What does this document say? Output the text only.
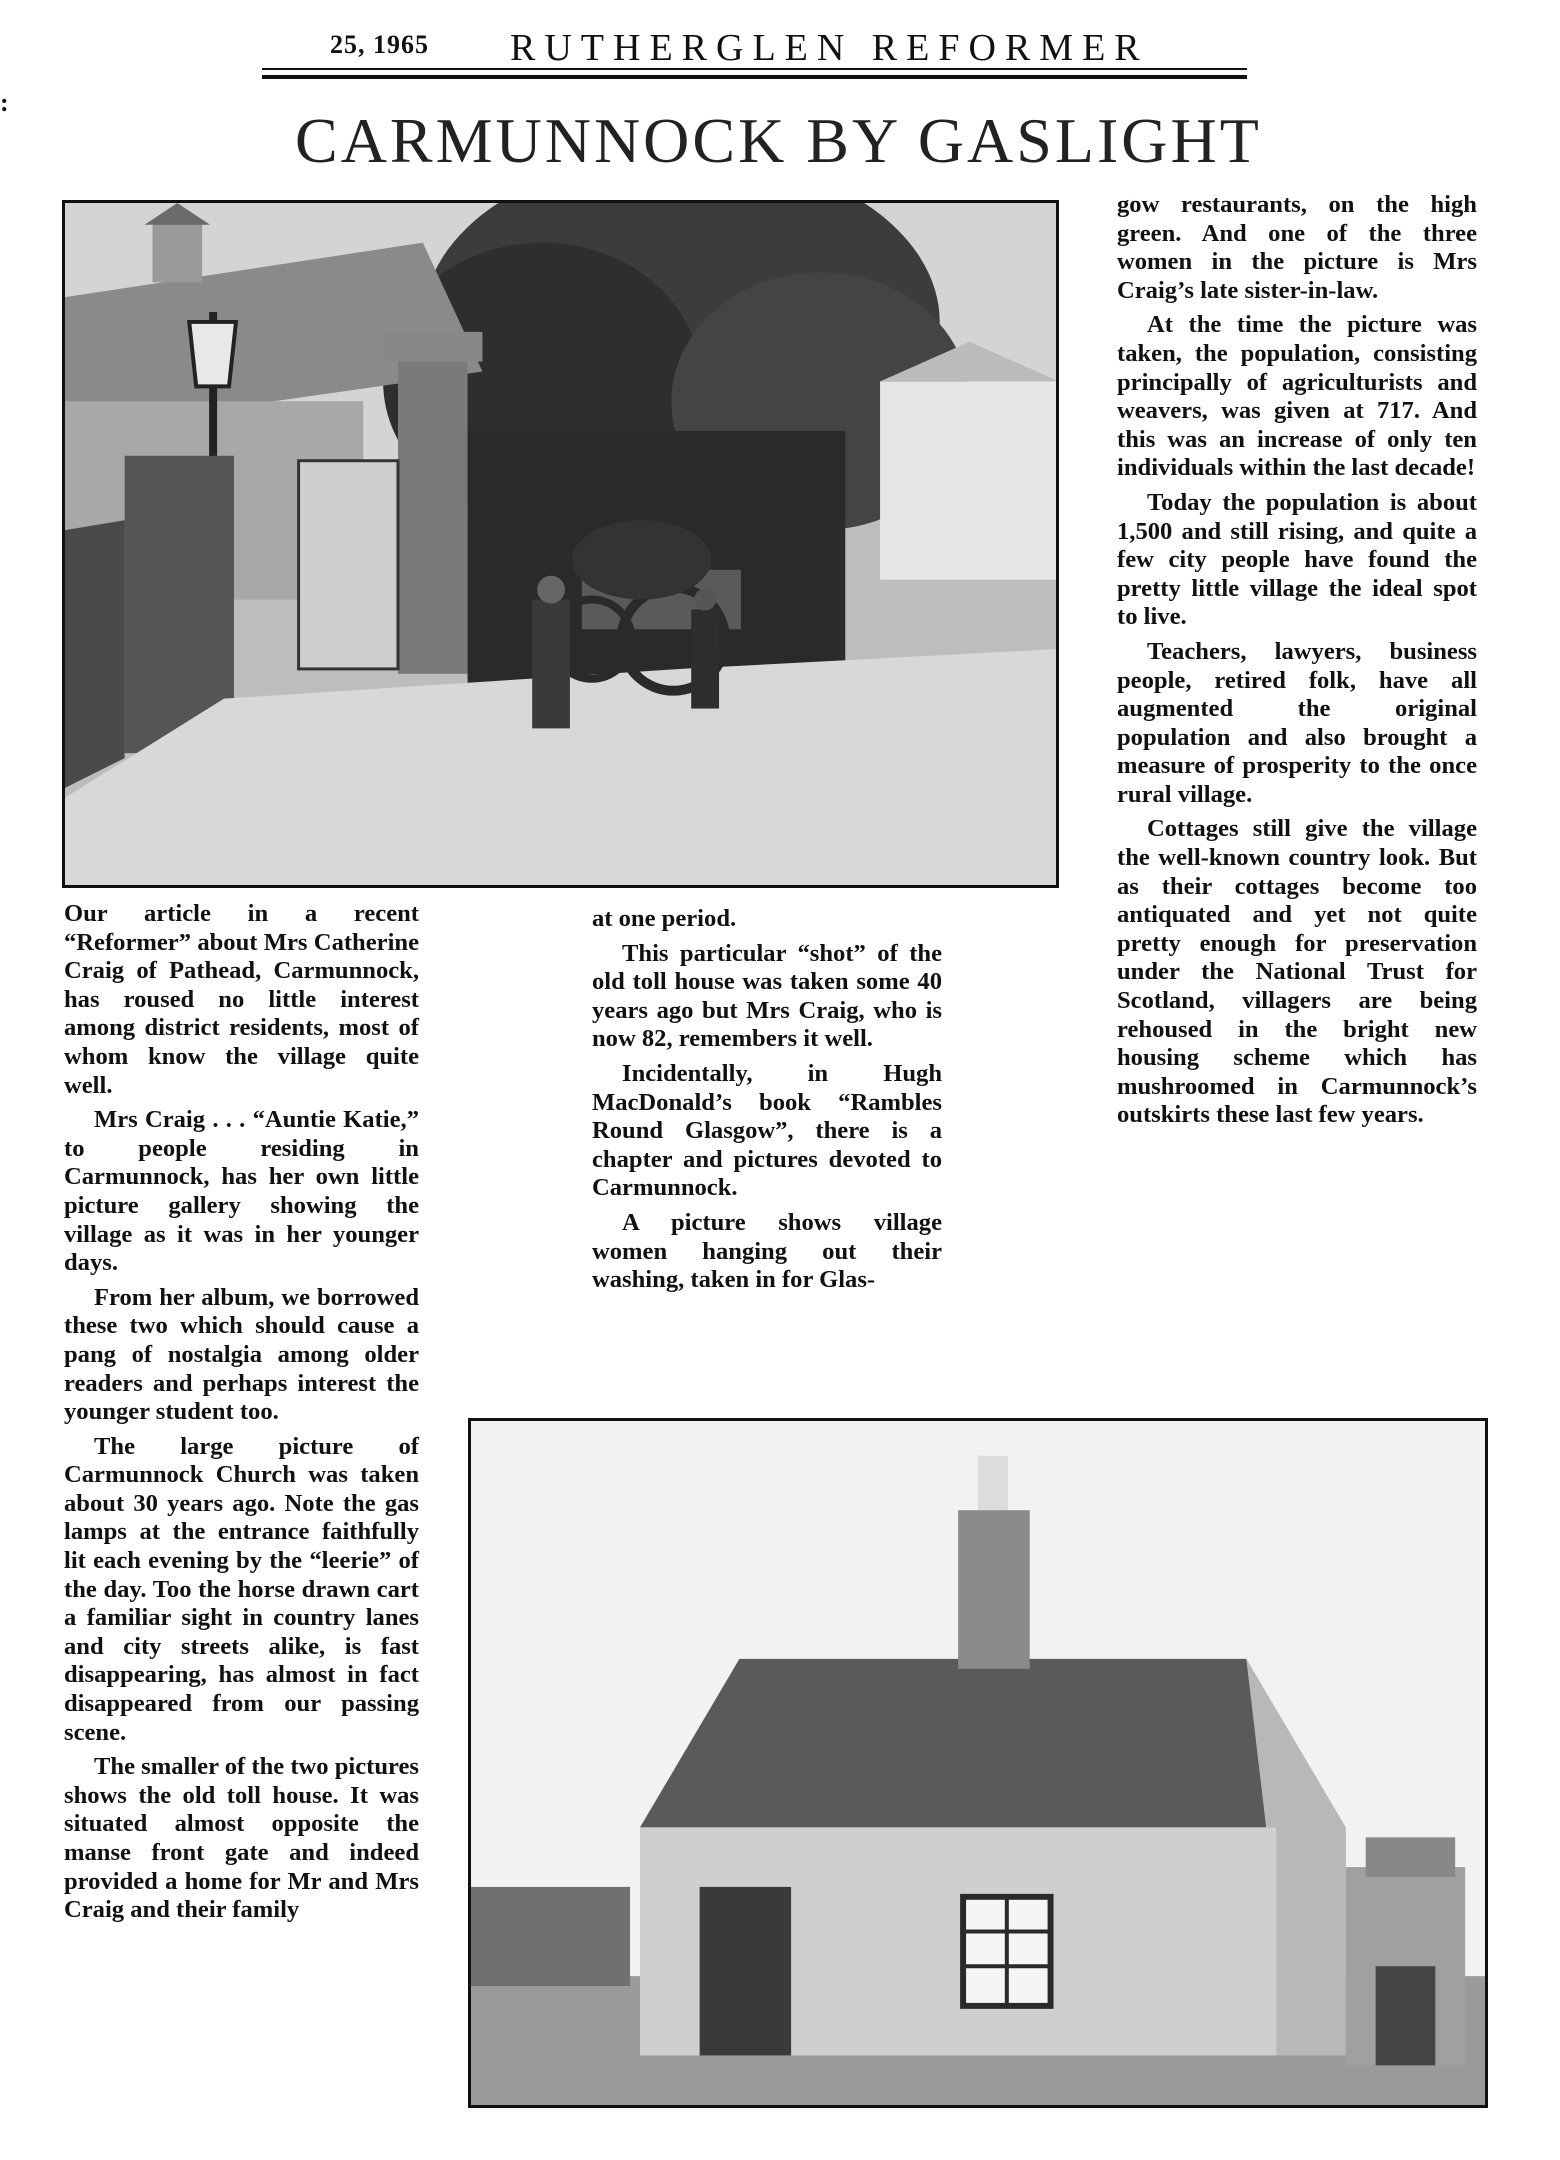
:
25, 1965 RUTHERGLEN REFORMER
CARMUNNOCK BY GASLIGHT

Our article in a recent “Reformer” about Mrs Catherine Craig of Pathead, Carmunnock, has roused no little interest among district residents, most of whom know the village quite well.

Mrs Craig . . . “Auntie Katie,” to people residing in Carmunnock, has her own little picture gallery showing the village as it was in her younger days.

From her album, we borrowed these two which should cause a pang of nostalgia among older readers and perhaps interest the younger student too.

The large picture of Carmunnock Church was taken about 30 years ago. Note the gas lamps at the entrance faithfully lit each evening by the “leerie” of the day. Too the horse drawn cart a familiar sight in country lanes and city streets alike, is fast disappearing, has almost in fact disappeared from our passing scene.

The smaller of the two pictures shows the old toll house. It was situated almost opposite the manse front gate and indeed provided a home for Mr and Mrs Craig and their family

at one period.

This particular “shot” of the old toll house was taken some 40 years ago but Mrs Craig, who is now 82, remembers it well.

Incidentally, in Hugh MacDonald’s book “Rambles Round Glasgow”, there is a chapter and pictures devoted to Carmunnock.

A picture shows village women hanging out their washing, taken in for Glas-

gow restaurants, on the high green. And one of the three women in the picture is Mrs Craig’s late sister-in-law.

At the time the picture was taken, the population, consisting principally of agriculturists and weavers, was given at 717. And this was an increase of only ten individuals within the last decade!

Today the population is about 1,500 and still rising, and quite a few city people have found the pretty little village the ideal spot to live.

Teachers, lawyers, business people, retired folk, have all augmented the original population and also brought a measure of prosperity to the once rural village.

Cottages still give the village the well-known country look. But as their cottages become too antiquated and yet not quite pretty enough for preservation under the National Trust for Scotland, villagers are being rehoused in the bright new housing scheme which has mushroomed in Carmunnock’s outskirts these last few years.
